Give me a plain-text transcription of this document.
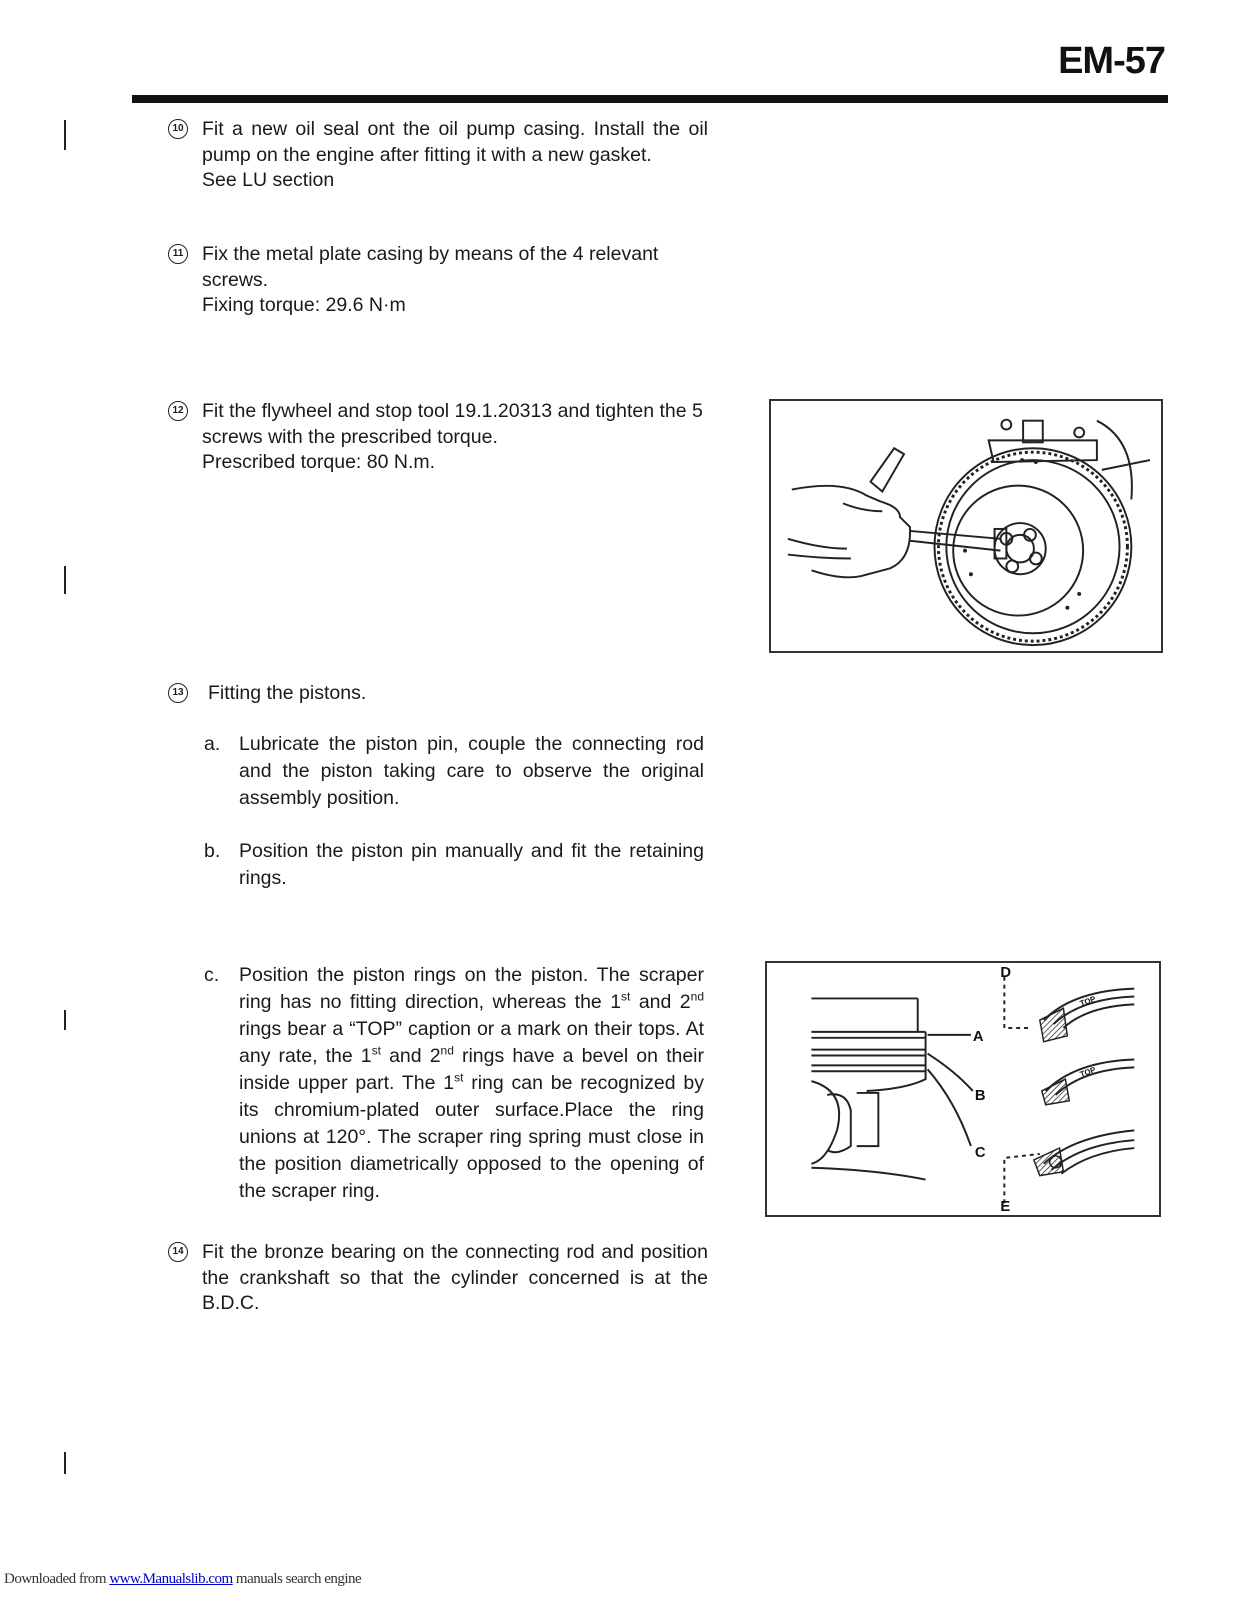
EM-57
10 Fit a new oil seal ont the oil pump casing. Install the oil pump on the engine after fitting it with a new gasket.

See LU section

11 Fix the metal plate casing by means of the 4 relevant screws.

Fixing torque: 29.6 N·m

12 Fit the flywheel and stop tool 19.1.20313 and tighten the 5 screws with the prescribed torque.

Prescribed torque: 80 N.m.

13 Fitting the pistons.

a. Lubricate the piston pin, couple the connecting rod and the piston taking care to observe the original assembly position.
b. Position the piston pin manually and fit the retaining rings.
c. Position the piston rings on the piston. The scraper ring has no fitting direction, whereas the 1st and 2nd rings bear a “TOP” caption or a mark on their tops. At any rate, the 1st and 2nd rings have a bevel on their inside upper part. The 1st ring can be recognized by its chromium-plated outer surface.Place the ring unions at 120°. The scraper ring spring must close in the position diametrically opposed to the opening of the scraper ring.
A
B
C
D
E
TOP
TOP
14 Fit the bronze bearing on the connecting rod and position the crankshaft so that the cylinder concerned is at the B.D.C.

Downloaded from www.Manualslib.com manuals search engine
